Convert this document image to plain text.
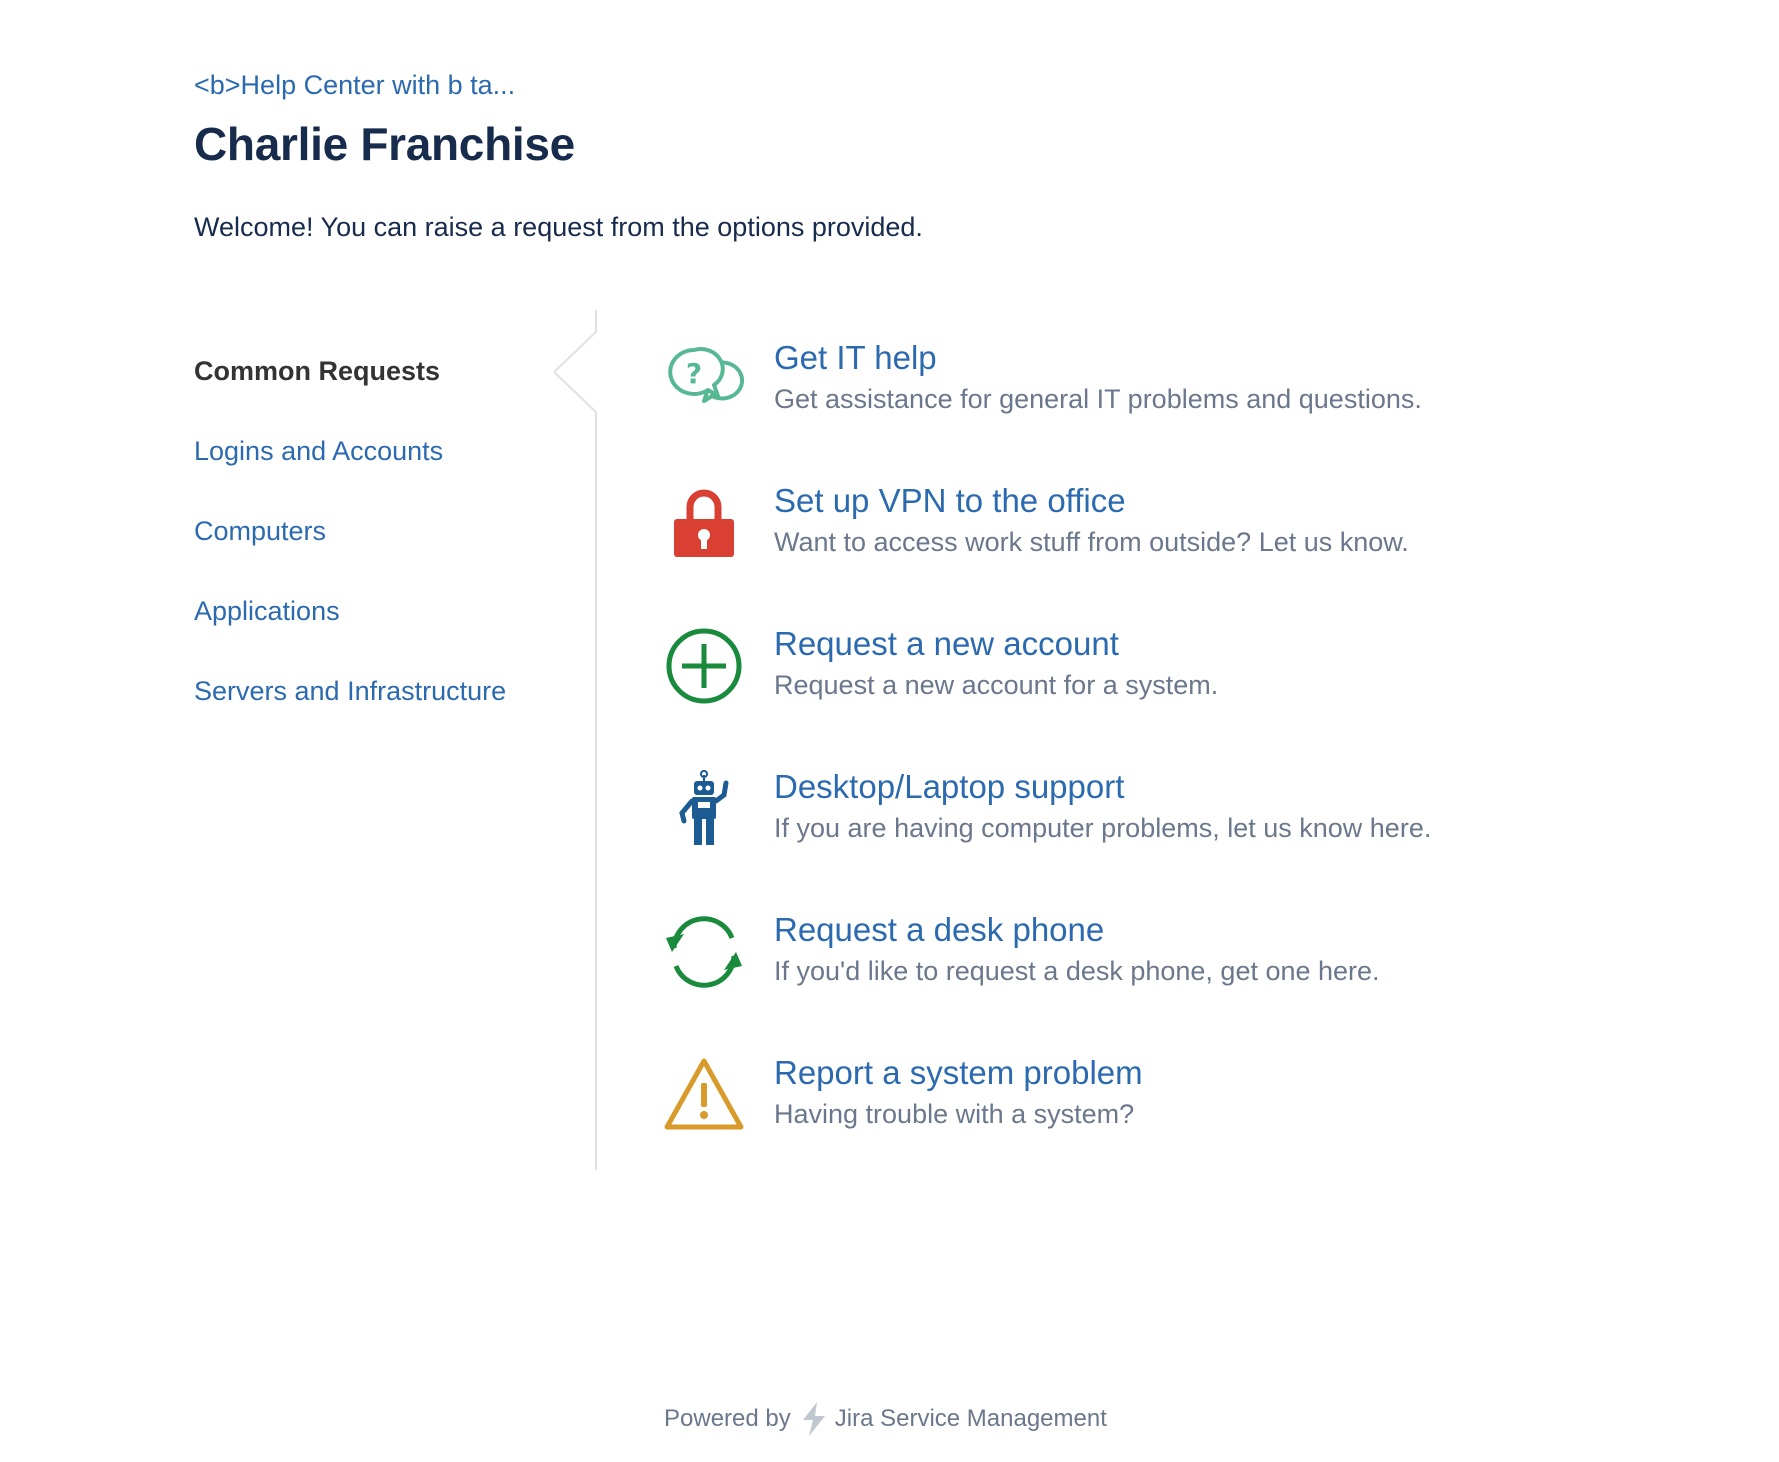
<b>Help Center with b ta...
Charlie Franchise
Welcome! You can raise a request from the options provided.
Common Requests
Logins and Accounts
Computers
Applications
Servers and Infrastructure
? Get IT help
Get assistance for general IT problems and questions.
Set up VPN to the office
Want to access work stuff from outside? Let us know.
Request a new account
Request a new account for a system.
Desktop/Laptop support
If you are having computer problems, let us know here.
Request a desk phone
If you'd like to request a desk phone, get one here.
Report a system problem
Having trouble with a system?
Powered by Jira Service Management
